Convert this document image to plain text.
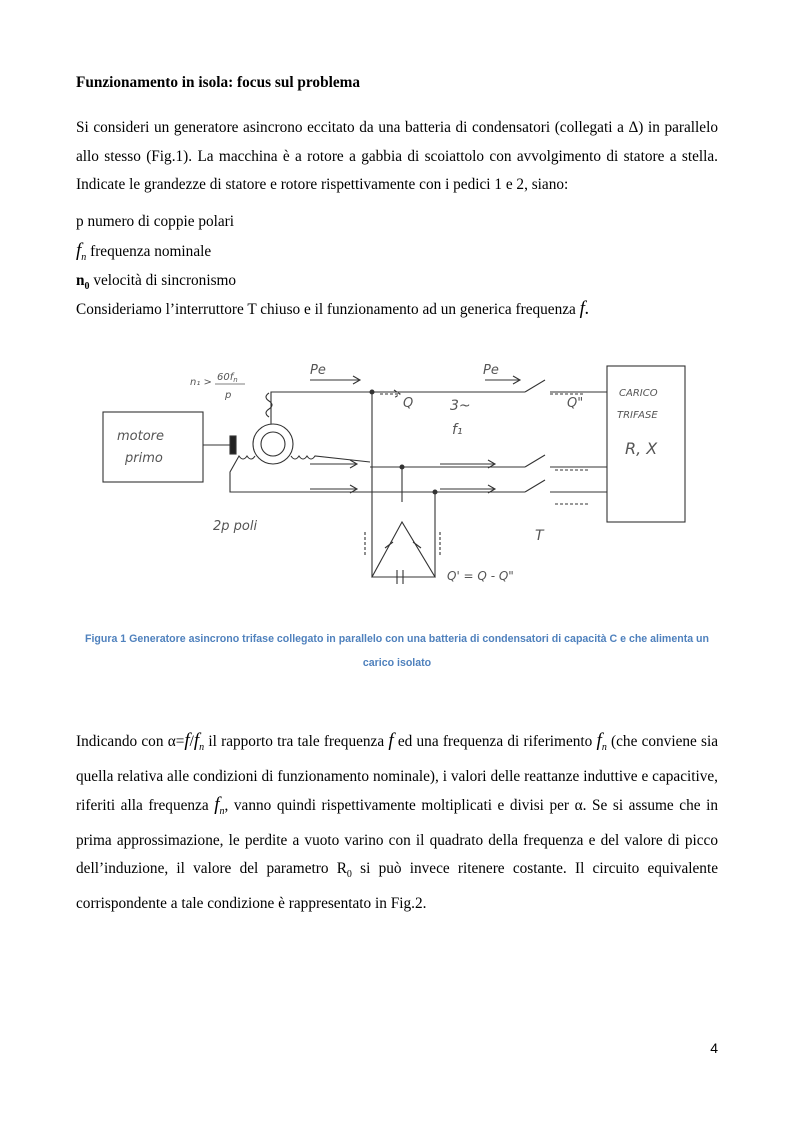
Funzionamento in isola: focus sul problema
Si consideri un generatore asincrono eccitato da una batteria di condensatori (collegati a Δ) in parallelo allo stesso (Fig.1). La macchina è a rotore a gabbia di scoiattolo con avvolgimento di statore a stella. Indicate le grandezze di statore e rotore rispettivamente con i pedici 1 e 2, siano:
p numero di coppie polari
$f_n$ frequenza nominale
$n_0$ velocità di sincronismo
Consideriamo l’interruttore T chiuso e il funzionamento ad un generica frequenza f.
motore
primo
CARICO
TRIFASE
R, X
$n_1 > 60f_n$
p
Pe	Pe
Q	Q"
3~
f₁
2p poli
T
Q' = Q - Q"
Figura 1 Generatore asincrono trifase collegato in parallelo con una batteria di condensatori di capacità C e che alimenta un carico isolato
Indicando con $\alpha=f/f_n$ il rapporto tra tale frequenza f ed una frequenza di riferimento $f_n$ (che conviene sia quella relativa alle condizioni di funzionamento nominale), i valori delle reattanze induttive e capacitive, riferiti alla frequenza $f_n$, vanno quindi rispettivamente moltiplicati e divisi per α. Se si assume che in prima approssimazione, le perdite a vuoto varino con il quadrato della frequenza e del valore di picco dell’induzione, il valore del parametro $R_0$ si può invece ritenere costante. Il circuito equivalente corrispondente a tale condizione è rappresentato in Fig.2.
4
